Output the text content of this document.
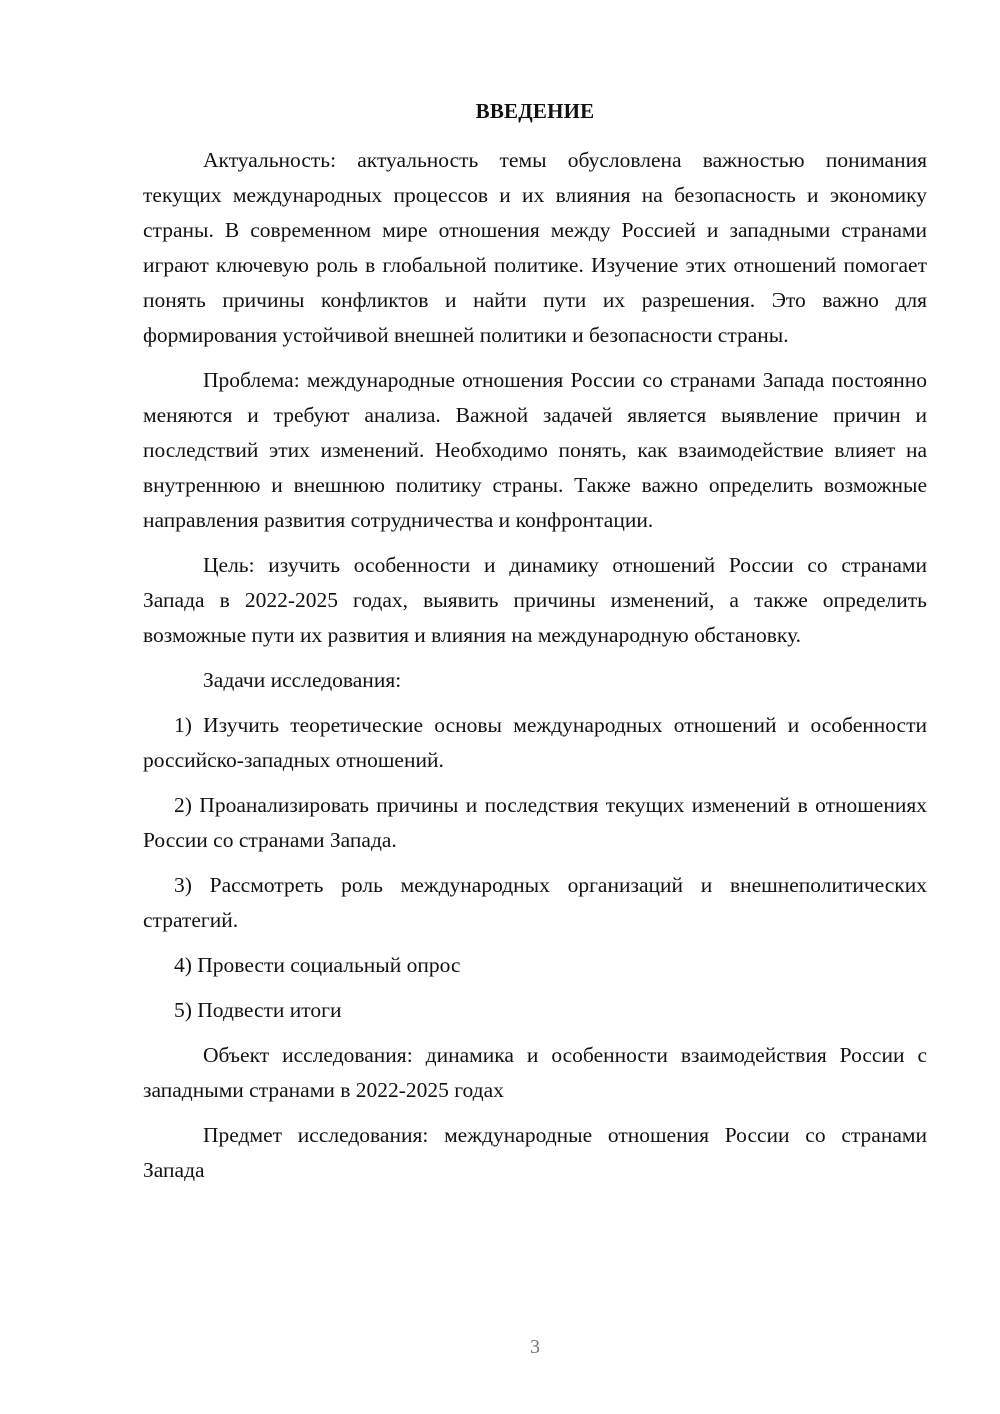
ВВЕДЕНИЕ

Актуальность: актуальность темы обусловлена важностью понимания текущих международных процессов и их влияния на безопасность и экономику страны. В современном мире отношения между Россией и западными странами играют ключевую роль в глобальной политике. Изучение этих отношений помогает понять причины конфликтов и найти пути их разрешения. Это важно для формирования устойчивой внешней политики и безопасности страны.

Проблема: международные отношения России со странами Запада постоянно меняются и требуют анализа. Важной задачей является выявление причин и последствий этих изменений. Необходимо понять, как взаимодействие влияет на внутреннюю и внешнюю политику страны. Также важно определить возможные направления развития сотрудничества и конфронтации.

Цель: изучить особенности и динамику отношений России со странами Запада в 2022-2025 годах, выявить причины изменений, а также определить возможные пути их развития и влияния на международную обстановку.

Задачи исследования:

1) Изучить теоретические основы международных отношений и особенности российско-западных отношений.

2) Проанализировать причины и последствия текущих изменений в отношениях России со странами Запада.

3) Рассмотреть роль международных организаций и внешнеполитических стратегий.

4) Провести социальный опрос

5) Подвести итоги

Объект исследования: динамика и особенности взаимодействия России с западными странами в 2022-2025 годах

Предмет исследования: международные отношения России со странами Запада

3
